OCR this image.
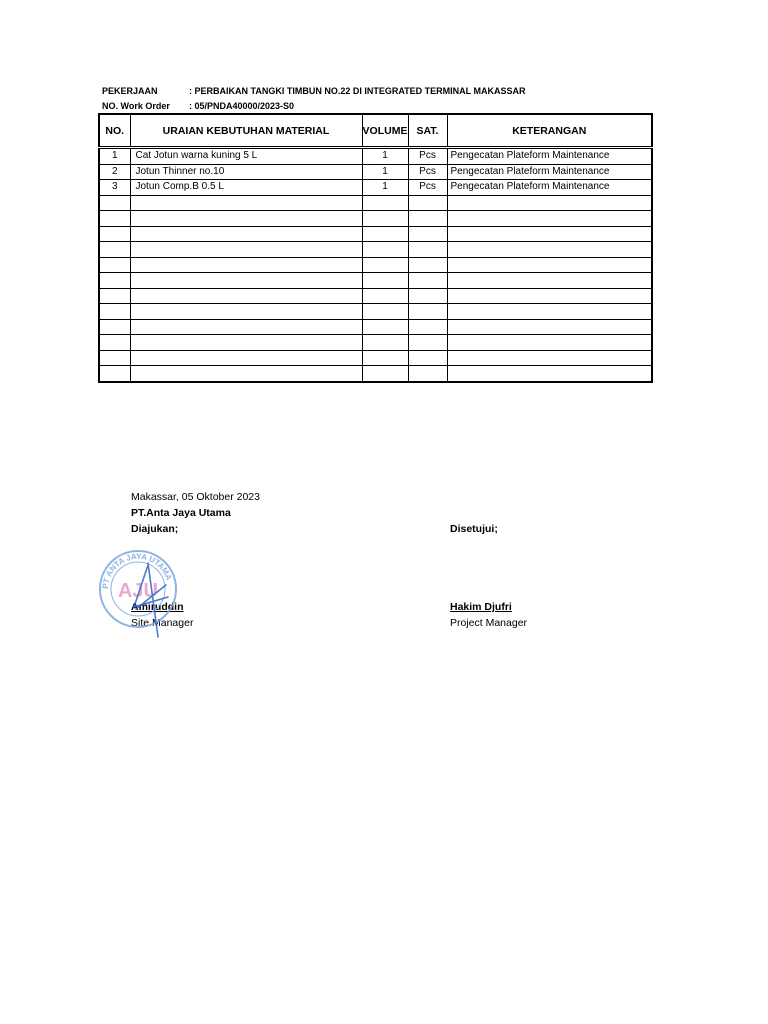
PEKERJAAN	: PERBAIKAN TANGKI TIMBUN NO.22 DI INTEGRATED TERMINAL MAKASSAR
NO. Work Order	: 05/PNDA40000/2023-S0
NO.	URAIAN KEBUTUHAN MATERIAL	VOLUME	SAT.	KETERANGAN
1	Cat Jotun warna kuning 5 L	1	Pcs	Pengecatan Plateform Maintenance
2	Jotun Thinner no.10	1	Pcs	Pengecatan Plateform Maintenance
3	Jotun Comp.B 0.5 L	1	Pcs	Pengecatan Plateform Maintenance

Makassar, 05 Oktober 2023
PT.Anta Jaya Utama
Diajukan;	Disetujui;
Amiruddin
Site Manager
Hakim Djufri
Project Manager
PT ANTA JAYA UTAMA
AJU
